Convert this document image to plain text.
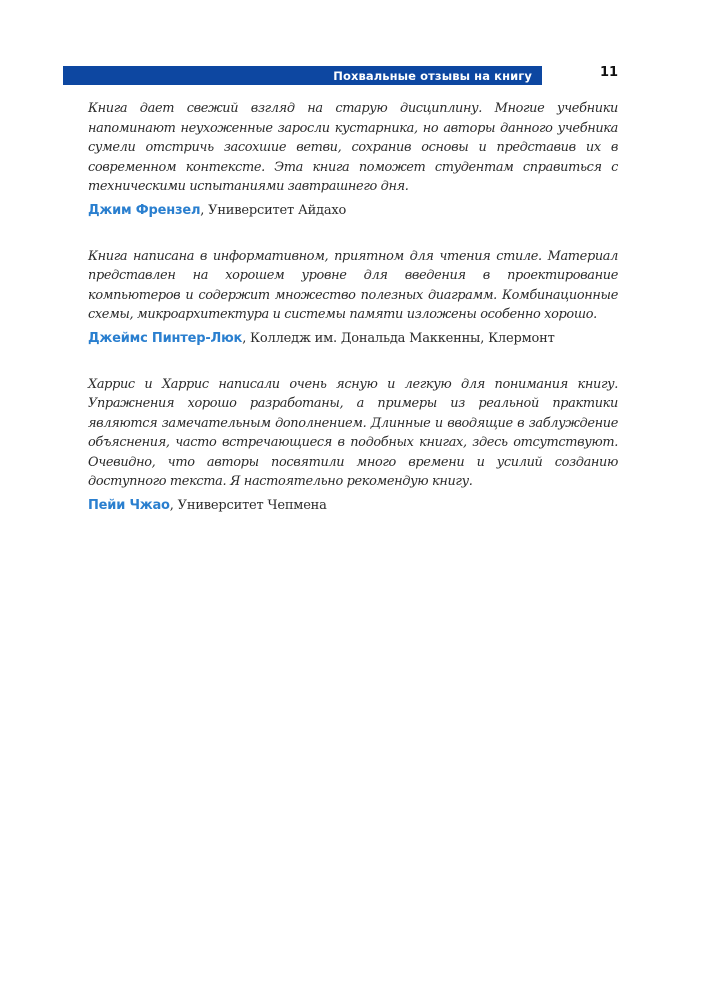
Похвальные отзывы на книгу	11

Книга дает свежий взгляд на старую дисциплину. Многие учебники напоминают неухоженные заросли кустарника, но авторы данного учебника сумели отстричь засохшие ветви, сохранив основы и представив их в современном контексте. Эта книга поможет студентам справиться с техническими испытаниями завтрашнего дня.

Джим Френзел, Университет Айдахо

Книга написана в информативном, приятном для чтения стиле. Материал представлен на хорошем уровне для введения в проектирование компьютеров и содержит множество полезных диаграмм. Комбинационные схемы, микроархитектура и системы памяти изложены особенно хорошо.

Джеймс Пинтер-Люк, Колледж им. Дональда Маккенны, Клермонт

Харрис и Харрис написали очень ясную и легкую для понимания книгу. Упражнения хорошо разработаны, а примеры из реальной практики являются замечательным дополнением. Длинные и вводящие в заблуждение объяснения, часто встречающиеся в подобных книгах, здесь отсутствуют. Очевидно, что авторы посвятили много времени и усилий созданию доступного текста. Я настоятельно рекомендую книгу.

Пейи Чжао, Университет Чепмена
